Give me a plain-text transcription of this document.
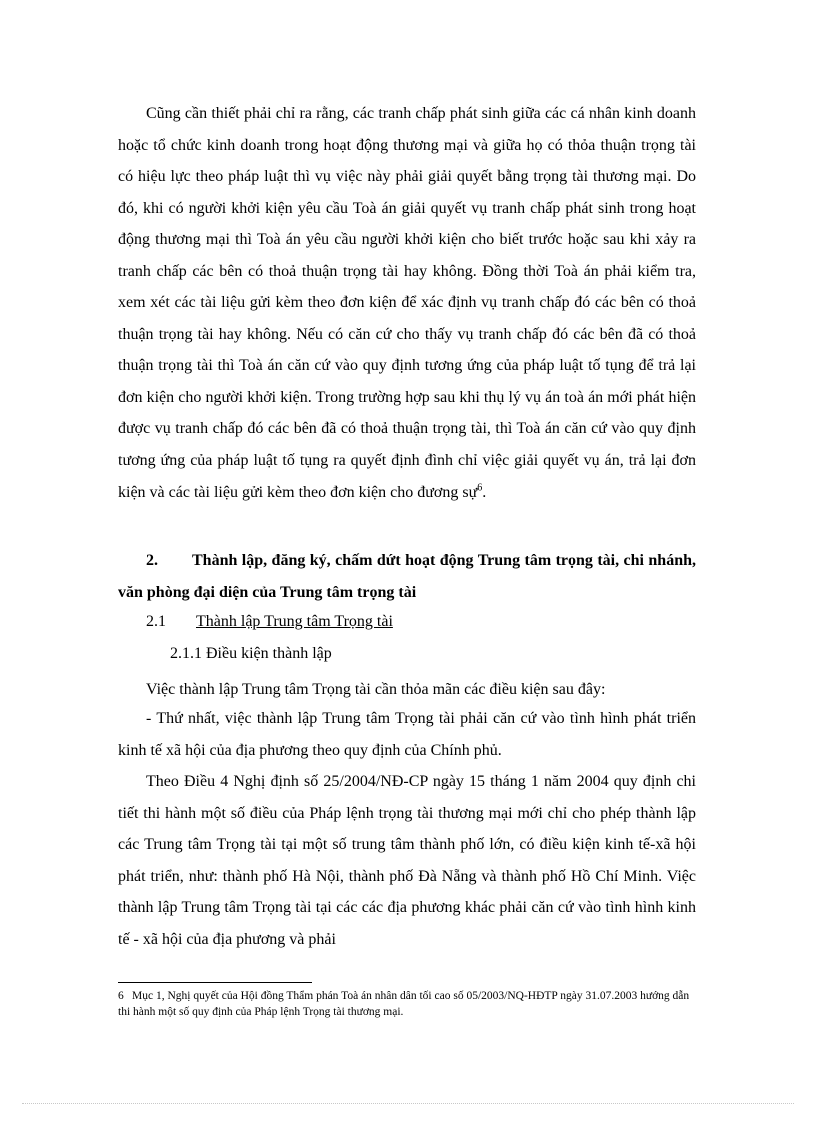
Cũng cần thiết phải chỉ ra rằng, các tranh chấp phát sinh giữa các cá nhân kinh doanh hoặc tổ chức kinh doanh trong hoạt động thương mại và giữa họ có thỏa thuận trọng tài có hiệu lực theo pháp luật thì vụ việc này phải giải quyết bằng trọng tài thương mại. Do đó, khi có người khởi kiện yêu cầu Toà án giải quyết vụ tranh chấp phát sinh trong hoạt động thương mại thì Toà án yêu cầu người khởi kiện cho biết trước hoặc sau khi xảy ra tranh chấp các bên có thoả thuận trọng tài hay không. Đồng thời Toà án phải kiểm tra, xem xét các tài liệu gửi kèm theo đơn kiện để xác định vụ tranh chấp đó các bên có thoả thuận trọng tài hay không. Nếu có căn cứ cho thấy vụ tranh chấp đó các bên đã có thoả thuận trọng tài thì Toà án căn cứ vào quy định tương ứng của pháp luật tố tụng để trả lại đơn kiện cho người khởi kiện. Trong trường hợp sau khi thụ lý vụ án toà án mới phát hiện được vụ tranh chấp đó các bên đã có thoả thuận trọng tài, thì Toà án căn cứ vào quy định tương ứng của pháp luật tố tụng ra quyết định đình chỉ việc giải quyết vụ án, trả lại đơn kiện và các tài liệu gửi kèm theo đơn kiện cho đương sự$^6$.

2. Thành lập, đăng ký, chấm dứt hoạt động Trung tâm trọng tài, chi nhánh, văn phòng đại diện của Trung tâm trọng tài

2.1 Thành lập Trung tâm Trọng tài
2.1.1 Điều kiện thành lập

Việc thành lập Trung tâm Trọng tài cần thỏa mãn các điều kiện sau đây:

- Thứ nhất, việc thành lập Trung tâm Trọng tài phải căn cứ vào tình hình phát triển kinh tế xã hội của địa phương theo quy định của Chính phủ.

Theo Điều 4 Nghị định số 25/2004/NĐ-CP ngày 15 tháng 1 năm 2004 quy định chi tiết thi hành một số điều của Pháp lệnh trọng tài thương mại mới chỉ cho phép thành lập các Trung tâm Trọng tài tại một số trung tâm thành phố lớn, có điều kiện kinh tế-xã hội phát triển, như: thành phố Hà Nội, thành phố Đà Nẵng và thành phố Hồ Chí Minh. Việc thành lập Trung tâm Trọng tài tại các các địa phương khác phải căn cứ vào tình hình kinh tế - xã hội của địa phương và phải

6 Mục 1, Nghị quyết của Hội đồng Thẩm phán Toà án nhân dân tối cao số 05/2003/NQ-HĐTP ngày 31.07.2003 hướng dẫn thi hành một số quy định của Pháp lệnh Trọng tài thương mại.
